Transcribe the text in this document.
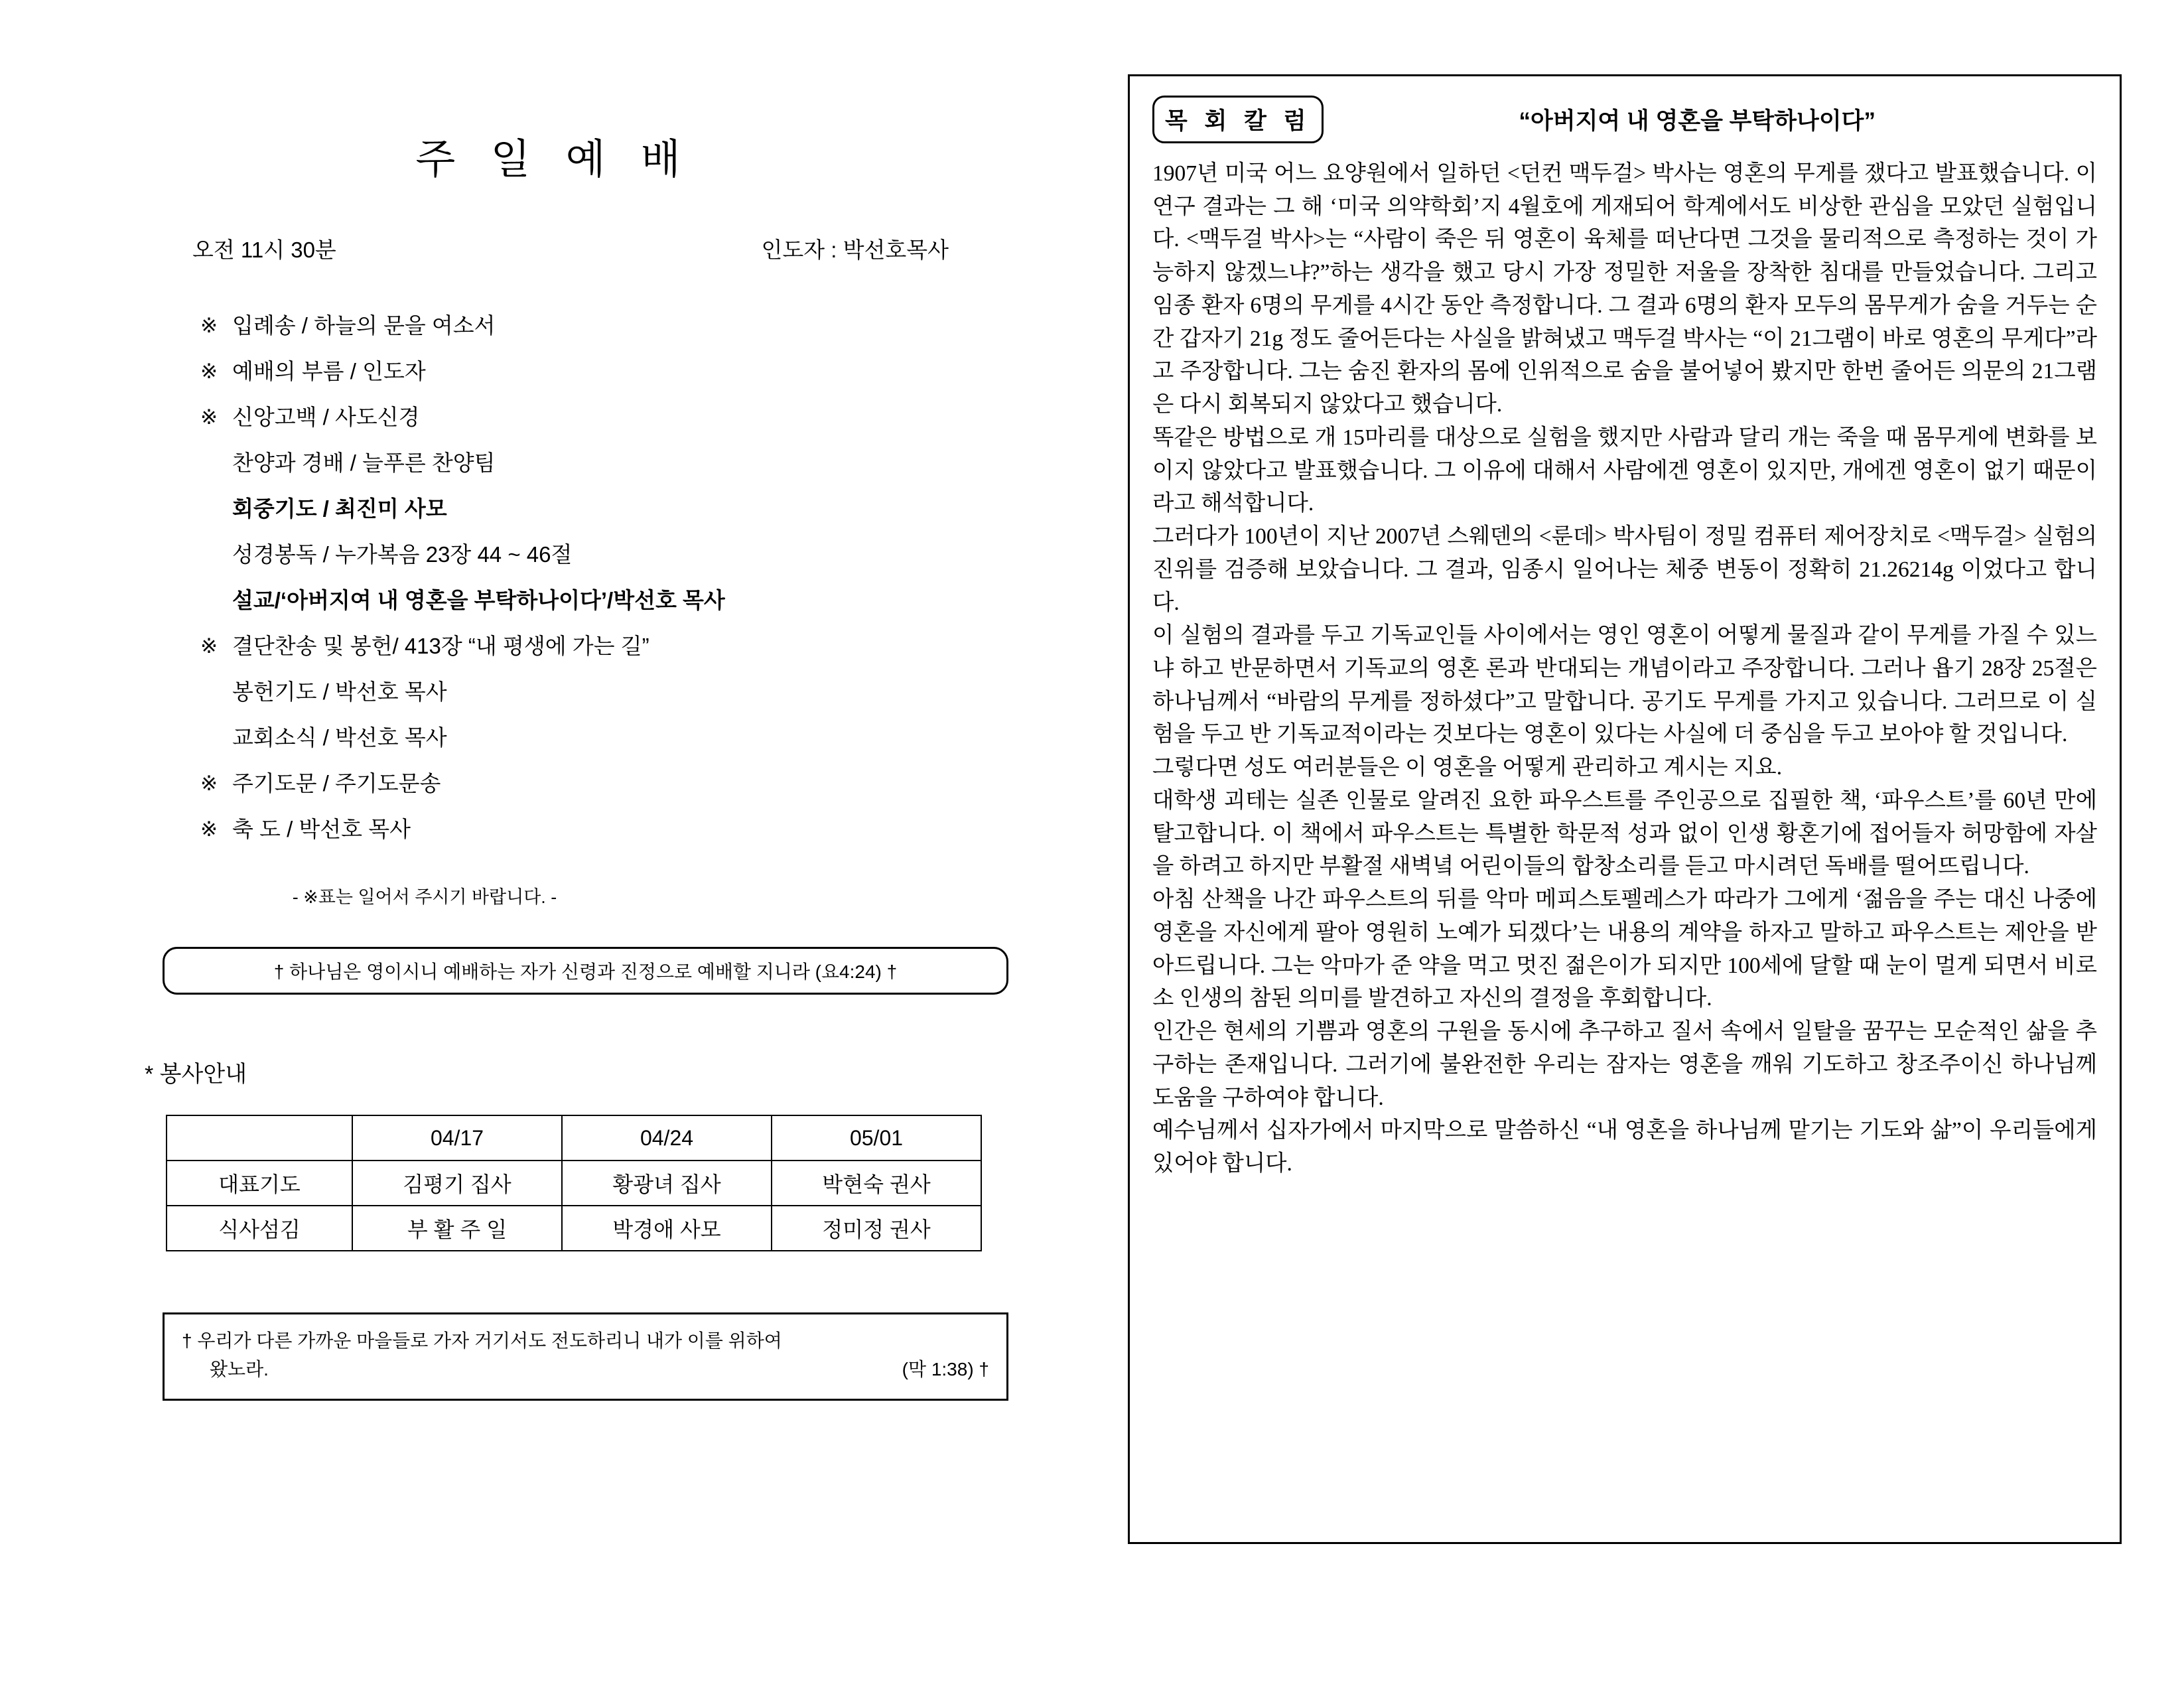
주 일 예 배
오전 11시 30분	인도자 : 박선호목사
※ 입례송 / 하늘의 문을 여소서
※ 예배의 부름 / 인도자
※ 신앙고백 / 사도신경
찬양과 경배 / 늘푸른 찬양팀
회중기도 / 최진미 사모
성경봉독 / 누가복음 23장 44 ~ 46절
설교/‘아버지여 내 영혼을 부탁하나이다’/박선호 목사
※ 결단찬송 및 봉헌/ 413장 “내 평생에 가는 길”
봉헌기도 / 박선호 목사
교회소식 / 박선호 목사
※ 주기도문 / 주기도문송
※ 축 도 / 박선호 목사
- ※표는 일어서 주시기 바랍니다. -
† 하나님은 영이시니 예배하는 자가 신령과 진정으로 예배할 지니라 (요4:24) †
* 봉사안내
	04/17	04/24	05/01
대표기도	김평기 집사	황광녀 집사	박현숙 권사
식사섬김	부 활 주 일	박경애 사모	정미정 권사
† 우리가 다른 가까운 마을들로 가자 거기서도 전도하리니 내가 이를 위하여
왔노라.	(막 1:38) †
목 회 칼 럼	“아버지여 내 영혼을 부탁하나이다”

1907년 미국 어느 요양원에서 일하던 <던컨 맥두걸> 박사는 영혼의 무게를 쟀다고 발표했습니다. 이 연구 결과는 그 해 ‘미국 의약학회’지 4월호에 게재되어 학계에서도 비상한 관심을 모았던 실험입니다. <맥두걸 박사>는 “사람이 죽은 뒤 영혼이 육체를 떠난다면 그것을 물리적으로 측정하는 것이 가능하지 않겠느냐?”하는 생각을 했고 당시 가장 정밀한 저울을 장착한 침대를 만들었습니다. 그리고 임종 환자 6명의 무게를 4시간 동안 측정합니다. 그 결과 6명의 환자 모두의 몸무게가 숨을 거두는 순간 갑자기 21g 정도 줄어든다는 사실을 밝혀냈고 맥두걸 박사는 “이 21그램이 바로 영혼의 무게다”라고 주장합니다. 그는 숨진 환자의 몸에 인위적으로 숨을 불어넣어 봤지만 한번 줄어든 의문의 21그램은 다시 회복되지 않았다고 했습니다.

똑같은 방법으로 개 15마리를 대상으로 실험을 했지만 사람과 달리 개는 죽을 때 몸무게에 변화를 보이지 않았다고 발표했습니다. 그 이유에 대해서 사람에겐 영혼이 있지만, 개에겐 영혼이 없기 때문이라고 해석합니다.

그러다가 100년이 지난 2007년 스웨덴의 <룬데> 박사팀이 정밀 컴퓨터 제어장치로 <맥두걸> 실험의 진위를 검증해 보았습니다. 그 결과, 임종시 일어나는 체중 변동이 정확히 21.26214g 이었다고 합니다.

이 실험의 결과를 두고 기독교인들 사이에서는 영인 영혼이 어떻게 물질과 같이 무게를 가질 수 있느냐 하고 반문하면서 기독교의 영혼 론과 반대되는 개념이라고 주장합니다. 그러나 욥기 28장 25절은 하나님께서 “바람의 무게를 정하셨다”고 말합니다. 공기도 무게를 가지고 있습니다. 그러므로 이 실험을 두고 반 기독교적이라는 것보다는 영혼이 있다는 사실에 더 중심을 두고 보아야 할 것입니다.

그렇다면 성도 여러분들은 이 영혼을 어떻게 관리하고 계시는 지요.

대학생 괴테는 실존 인물로 알려진 요한 파우스트를 주인공으로 집필한 책, ‘파우스트’를 60년 만에 탈고합니다. 이 책에서 파우스트는 특별한 학문적 성과 없이 인생 황혼기에 접어들자 허망함에 자살을 하려고 하지만 부활절 새벽녘 어린이들의 합창소리를 듣고 마시려던 독배를 떨어뜨립니다.

아침 산책을 나간 파우스트의 뒤를 악마 메피스토펠레스가 따라가 그에게 ‘젊음을 주는 대신 나중에 영혼을 자신에게 팔아 영원히 노예가 되겠다’는 내용의 계약을 하자고 말하고 파우스트는 제안을 받아드립니다. 그는 악마가 준 약을 먹고 멋진 젊은이가 되지만 100세에 달할 때 눈이 멀게 되면서 비로소 인생의 참된 의미를 발견하고 자신의 결정을 후회합니다.

인간은 현세의 기쁨과 영혼의 구원을 동시에 추구하고 질서 속에서 일탈을 꿈꾸는 모순적인 삶을 추구하는 존재입니다. 그러기에 불완전한 우리는 잠자는 영혼을 깨워 기도하고 창조주이신 하나님께 도움을 구하여야 합니다.

예수님께서 십자가에서 마지막으로 말씀하신 “내 영혼을 하나님께 맡기는 기도와 삶”이 우리들에게 있어야 합니다.
